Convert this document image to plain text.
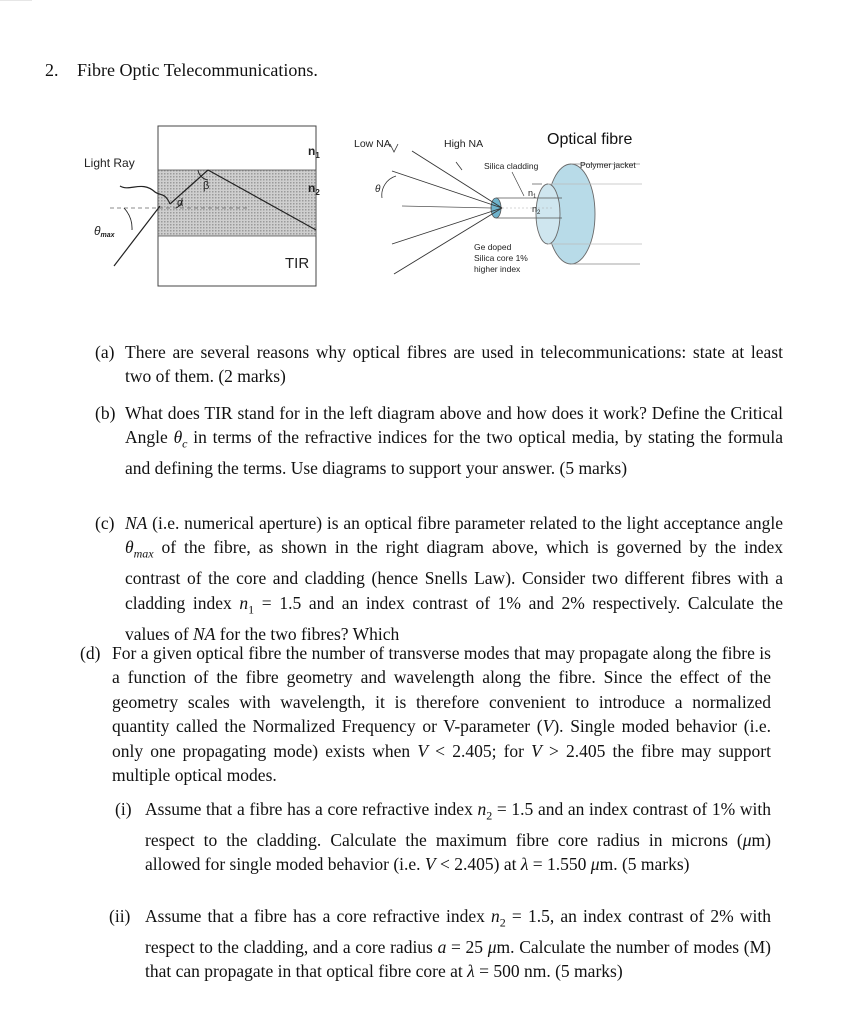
2. Fibre Optic Telecommunications.
Light Ray
θmax
α
β
$n_1$
$n_2$
TIR
Low NA	High NA	Optical fibre
Polymer jacket
Silica cladding
θ	$n_1$
$n_2$
Ge doped
Silica core 1%
higher index
(a) There are several reasons why optical fibres are used in telecommunications: state at least two of them. (2 marks)
(b) What does TIR stand for in the left diagram above and how does it work? Define the Critical Angle $\theta_c$ in terms of the refractive indices for the two optical media, by stating the formula and defining the terms. Use diagrams to support your answer. (5 marks)
(c) NA (i.e. numerical aperture) is an optical fibre parameter related to the light acceptance angle $\theta_{max}$ of the fibre, as shown in the right diagram above, which is governed by the index contrast of the core and cladding (hence Snells Law). Consider two different fibres with a cladding index $n_1 = 1.5$ and an index contrast of 1% and 2% respectively. Calculate the values of NA for the two fibres? Which
(d) For a given optical fibre the number of transverse modes that may propagate along the fibre is a function of the fibre geometry and wavelength along the fibre. Since the effect of the geometry scales with wavelength, it is therefore convenient to introduce a normalized quantity called the Normalized Frequency or V-parameter (V). Single moded behavior (i.e. only one propagating mode) exists when V < 2.405; for V > 2.405 the fibre may support multiple optical modes.
(i) Assume that a fibre has a core refractive index $n_2 = 1.5$ and an index contrast of 1% with respect to the cladding. Calculate the maximum fibre core radius in microns (μm) allowed for single moded behavior (i.e. V < 2.405) at λ = 1.550 μm. (5 marks)
(ii) Assume that a fibre has a core refractive index $n_2 = 1.5$, an index contrast of 2% with respect to the cladding, and a core radius a = 25 μm. Calculate the number of modes (M) that can propagate in that optical fibre core at λ = 500 nm. (5 marks)
